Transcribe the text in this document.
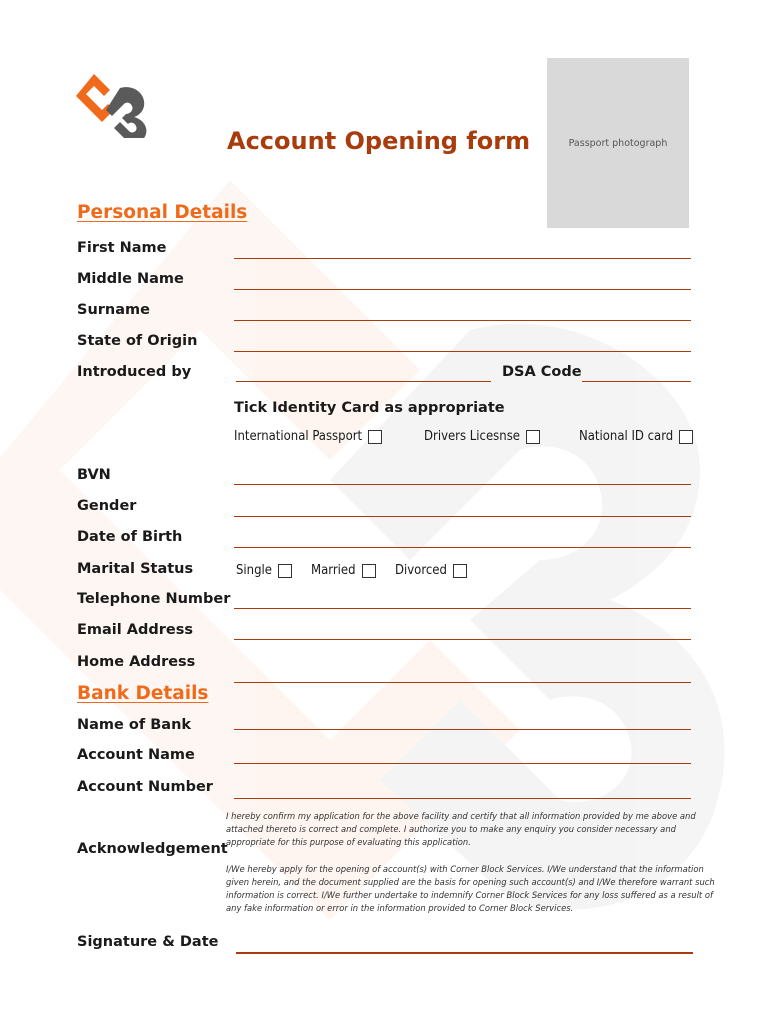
Account Opening form	Passport photograph
Personal Details
First Name
Middle Name
Surname
State of Origin
Introduced by	DSA Code
Tick Identity Card as appropriate
International Passport	Drivers Licesnse	National ID card
BVN
Gender
Date of Birth
Marital Status	Single	Married	Divorced
Telephone Number
Email Address
Home Address
Bank Details
Name of Bank
Account Name
Account Number
Acknowledgement
I hereby confirm my application for the above facility and certify that all information provided by me above and attached thereto is correct and complete. I authorize you to make any enquiry you consider necessary and appropriate for this purpose of evaluating this application.
I/We hereby apply for the opening of account(s) with Corner Block Services. I/We understand that the information given herein, and the document supplied are the basis for opening such account(s) and I/We therefore warrant such information is correct. I/We further undertake to indemnify Corner Block Services for any loss suffered as a result of any fake information or error in the information provided to Corner Block Services.
Signature & Date
